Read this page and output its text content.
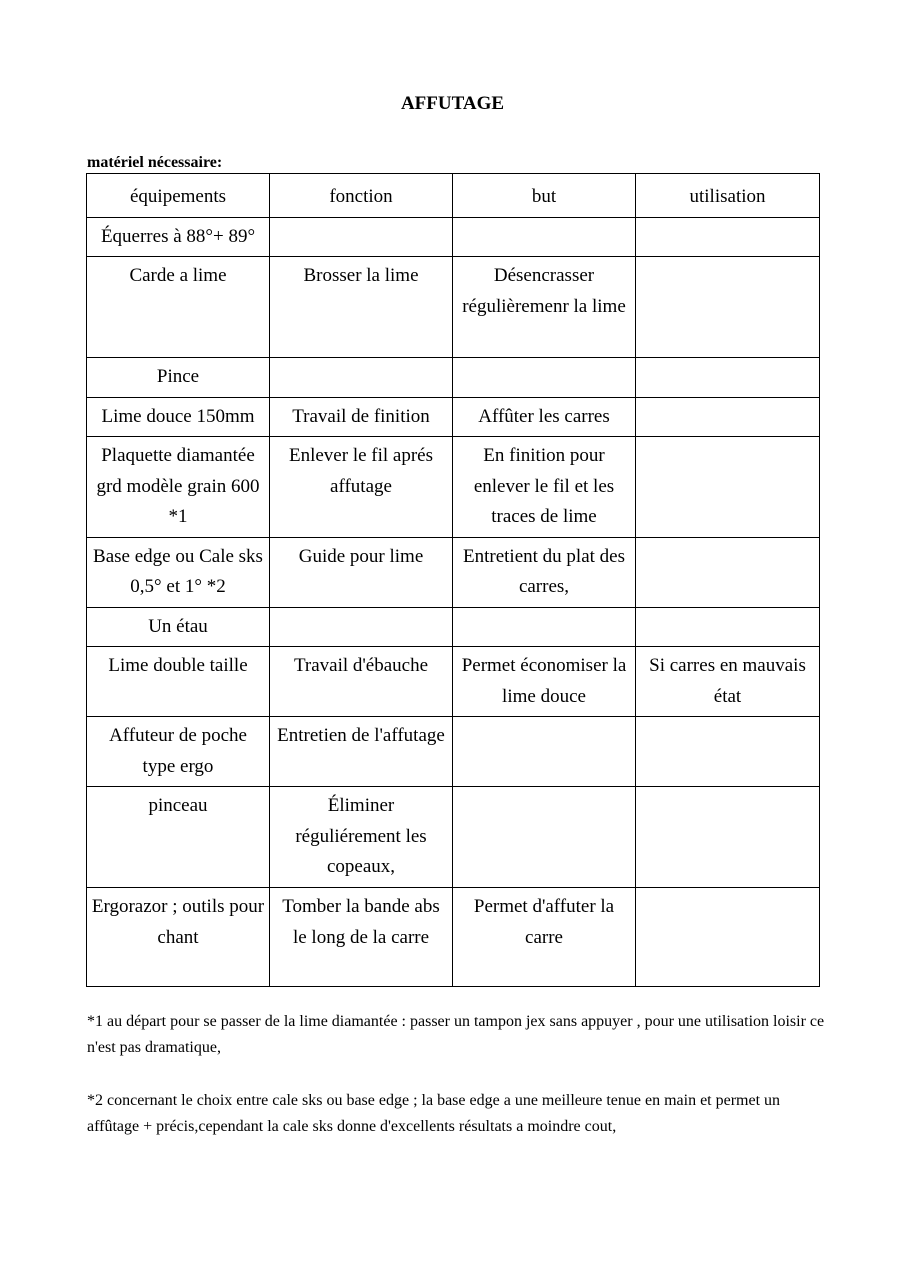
AFFUTAGE
matériel nécessaire:
équipements	fonction	but	utilisation
Équerres à 88°+ 89°			
Carde a lime	Brosser la lime	Désencrasser régulièremenr la lime	
Pince			
Lime douce 150mm	Travail de finition	Affûter les carres	
Plaquette diamantée grd modèle grain 600 *1	Enlever le fil aprés affutage	En finition pour enlever le fil et les traces de lime	
Base edge ou Cale sks 0,5° et 1° *2	Guide pour lime	Entretient du plat des carres,	
Un étau			
Lime double taille	Travail d'ébauche	Permet économiser la lime douce	Si carres en mauvais état
Affuteur de poche type ergo	Entretien de l'affutage		
pinceau	Éliminer réguliérement les copeaux,		
Ergorazor ; outils pour chant	Tomber la bande abs le long de la carre	Permet d'affuter la carre	
*1 au départ pour se passer de la lime diamantée : passer un tampon jex sans appuyer , pour une utilisation loisir ce n'est pas dramatique,
*2 concernant le choix entre cale sks ou base edge ; la base edge a une meilleure tenue en main et permet un affûtage + précis,cependant la cale sks donne d'excellents résultats a moindre cout,
